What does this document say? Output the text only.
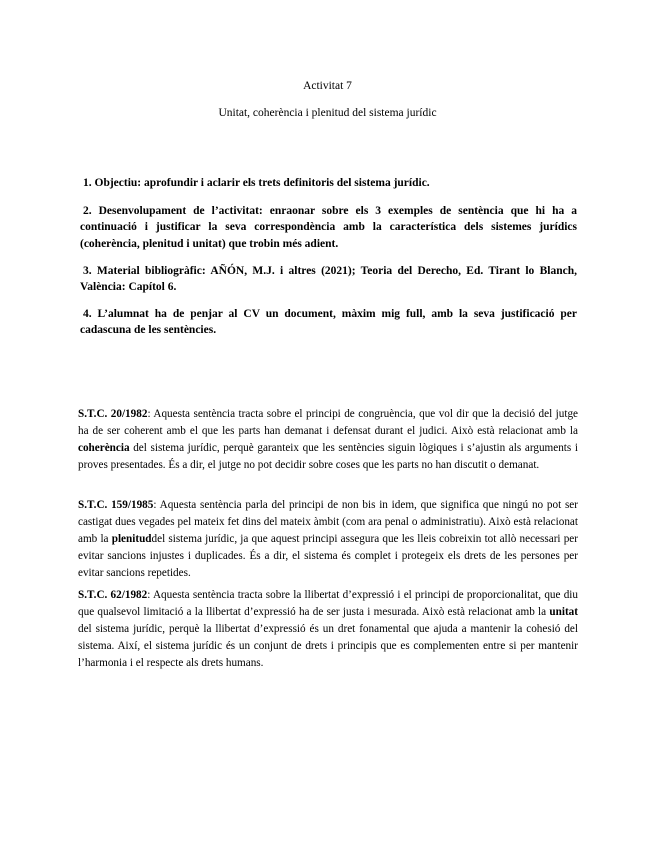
Activitat 7
Unitat, coherència i plenitud del sistema jurídic

1. Objectiu: aprofundir i aclarir els trets definitoris del sistema jurídic.

2. Desenvolupament de l’activitat: enraonar sobre els 3 exemples de sentència que hi ha a continuació i justificar la seva correspondència amb la característica dels sistemes jurídics (coherència, plenitud i unitat) que trobin més adient.

3. Material bibliogràfic: AÑÓN, M.J. i altres (2021); Teoria del Derecho, Ed. Tirant lo Blanch, València: Capítol 6.

4. L’alumnat ha de penjar al CV un document, màxim mig full, amb la seva justificació per cadascuna de les sentències.

S.T.C. 20/1982: Aquesta sentència tracta sobre el principi de congruència, que vol dir que la decisió del jutge ha de ser coherent amb el que les parts han demanat i defensat durant el judici. Això està relacionat amb la coherència del sistema jurídic, perquè garanteix que les sentències siguin lògiques i s’ajustin als arguments i proves presentades. És a dir, el jutge no pot decidir sobre coses que les parts no han discutit o demanat.

S.T.C. 159/1985: Aquesta sentència parla del principi de non bis in idem, que significa que ningú no pot ser castigat dues vegades pel mateix fet dins del mateix àmbit (com ara penal o administratiu). Això està relacionat amb la plenituddel sistema jurídic, ja que aquest principi assegura que les lleis cobreixin tot allò necessari per evitar sancions injustes i duplicades. És a dir, el sistema és complet i protegeix els drets de les persones per evitar sancions repetides.

S.T.C. 62/1982: Aquesta sentència tracta sobre la llibertat d’expressió i el principi de proporcionalitat, que diu que qualsevol limitació a la llibertat d’expressió ha de ser justa i mesurada. Això està relacionat amb la unitat del sistema jurídic, perquè la llibertat d’expressió és un dret fonamental que ajuda a mantenir la cohesió del sistema. Així, el sistema jurídic és un conjunt de drets i principis que es complementen entre si per mantenir l’harmonia i el respecte als drets humans.
